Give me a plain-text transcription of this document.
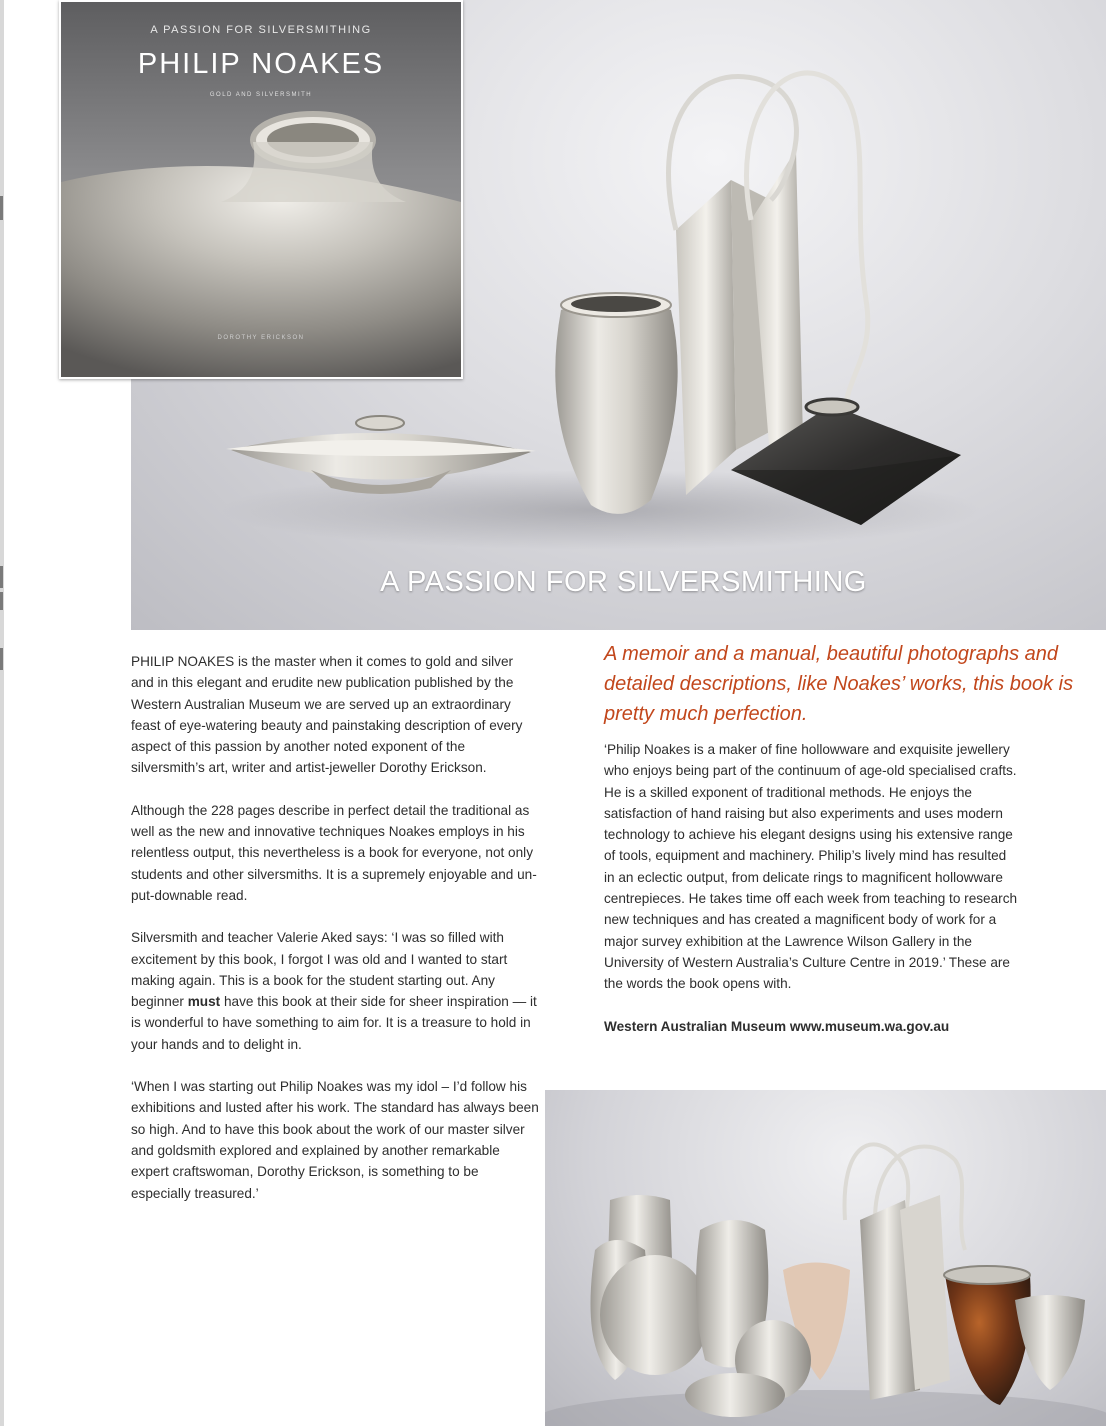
A PASSION FOR SILVERSMITHING
A PASSION FOR SILVERSMITHING
PHILIP NOAKES
GOLD AND SILVERSMITH
DOROTHY ERICKSON

PHILIP NOAKES is the master when it comes to gold and silver and in this elegant and erudite new publication published by the Western Australian Museum we are served up an extraordinary feast of eye-watering beauty and painstaking description of every aspect of this passion by another noted exponent of the silversmith’s art, writer and artist-jeweller Dorothy Erickson.

Although the 228 pages describe in perfect detail the traditional as well as the new and innovative techniques Noakes employs in his relentless output, this nevertheless is a book for everyone, not only students and other silversmiths. It is a supremely enjoyable and un-put-downable read.

Silversmith and teacher Valerie Aked says: ‘I was so filled with excitement by this book, I forgot I was old and I wanted to start making again. This is a book for the student starting out. Any beginner must have this book at their side for sheer inspiration — it is wonderful to have something to aim for. It is a treasure to hold in your hands and to delight in.

‘When I was starting out Philip Noakes was my idol – I’d follow his exhibitions and lusted after his work. The standard has always been so high. And to have this book about the work of our master silver and goldsmith explored and explained by another remarkable expert craftswoman, Dorothy Erickson, is something to be especially treasured.’

A memoir and a manual, beautiful photographs and detailed descriptions, like Noakes’ works, this book is pretty much perfection.

‘Philip Noakes is a maker of fine hollowware and exquisite jewellery who enjoys being part of the continuum of age-old specialised crafts. He is a skilled exponent of traditional methods. He enjoys the satisfaction of hand raising but also experiments and uses modern technology to achieve his elegant designs using his extensive range of tools, equipment and machinery. Philip’s lively mind has resulted in an eclectic output, from delicate rings to magnificent hollowware centrepieces. He takes time off each week from teaching to research new techniques and has created a magnificent body of work for a major survey exhibition at the Lawrence Wilson Gallery in the University of Western Australia’s Culture Centre in 2019.’ These are the words the book opens with.

Western Australian Museum www.museum.wa.gov.au
